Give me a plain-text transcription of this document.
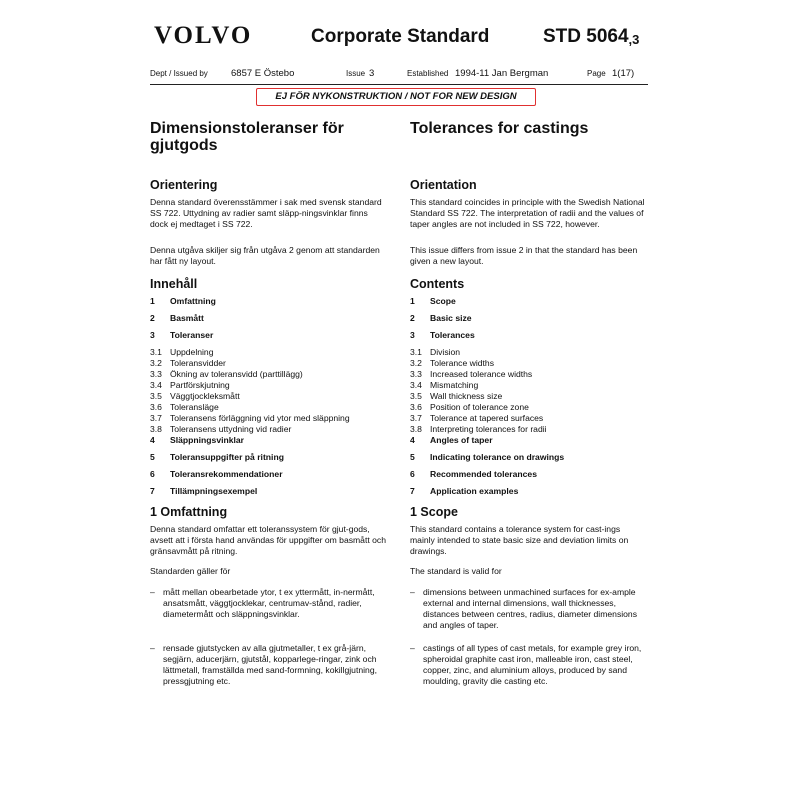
VOLVO	Corporate Standard	STD $5064_{,3}$
Dept / Issued by 6857 E Östebo	Issue 3	Established 1994-11 Jan Bergman	Page 1(17)
EJ FÖR NYKONSTRUKTION / NOT FOR NEW DESIGN
Dimensionstoleranser för gjutgods
Orientering

Denna standard överensstämmer i sak med svensk standard SS 722. Uttydning av radier samt släpp-ningsvinklar finns dock ej medtaget i SS 722.

Denna utgåva skiljer sig från utgåva 2 genom att standarden har fått ny layout.

Innehåll
1	Omfattning
2	Basmått
3	Toleranser
3.1 Uppdelning
3.2 Toleransvidder
3.3 Ökning av toleransvidd (parttillägg)
3.4 Partförskjutning
3.5 Väggtjockleksmått
3.6 Toleransläge
3.7 Toleransens förläggning vid ytor med släppning
3.8 Toleransens uttydning vid radier
4	Släppningsvinklar
5	Toleransuppgifter på ritning
6	Toleransrekommendationer
7	Tillämpningsexempel
1 Omfattning

Denna standard omfattar ett toleranssystem för gjut-gods, avsett att i första hand användas för uppgifter om basmått och gränsavmått på ritning.

Standarden gäller för

– mått mellan obearbetade ytor, t ex yttermått, in-nermått, ansatsmått, väggtjocklekar, centrumav-stånd, radier, diametermått och släppningsvinklar.
– rensade gjutstycken av alla gjutmetaller, t ex grå-järn, segjärn, aducerjärn, gjutstål, kopparlege-ringar, zink och lättmetall, framställda med sand-formning, kokillgjutning, pressgjutning etc.
Tolerances for castings
Orientation

This standard coincides in principle with the Swedish National Standard SS 722. The interpretation of radii and the values of taper angles are not included in SS 722, however.

This issue differs from issue 2 in that the standard has been given a new layout.

Contents
1	Scope
2	Basic size
3	Tolerances
3.1 Division
3.2 Tolerance widths
3.3 Increased tolerance widths
3.4 Mismatching
3.5 Wall thickness size
3.6 Position of tolerance zone
3.7 Tolerance at tapered surfaces
3.8 Interpreting tolerances for radii
4	Angles of taper
5	Indicating tolerance on drawings
6	Recommended tolerances
7	Application examples
1 Scope

This standard contains a tolerance system for cast-ings mainly intended to state basic size and deviation limits on drawings.

The standard is valid for

– dimensions between unmachined surfaces for ex-ample external and internal dimensions, wall thicknesses, distances between centres, radius, diameter dimensions and angles of taper.
– castings of all types of cast metals, for example grey iron, spheroidal graphite cast iron, malleable iron, cast steel, copper, zinc, and aluminium alloys, produced by sand moulding, gravity die casting etc.
